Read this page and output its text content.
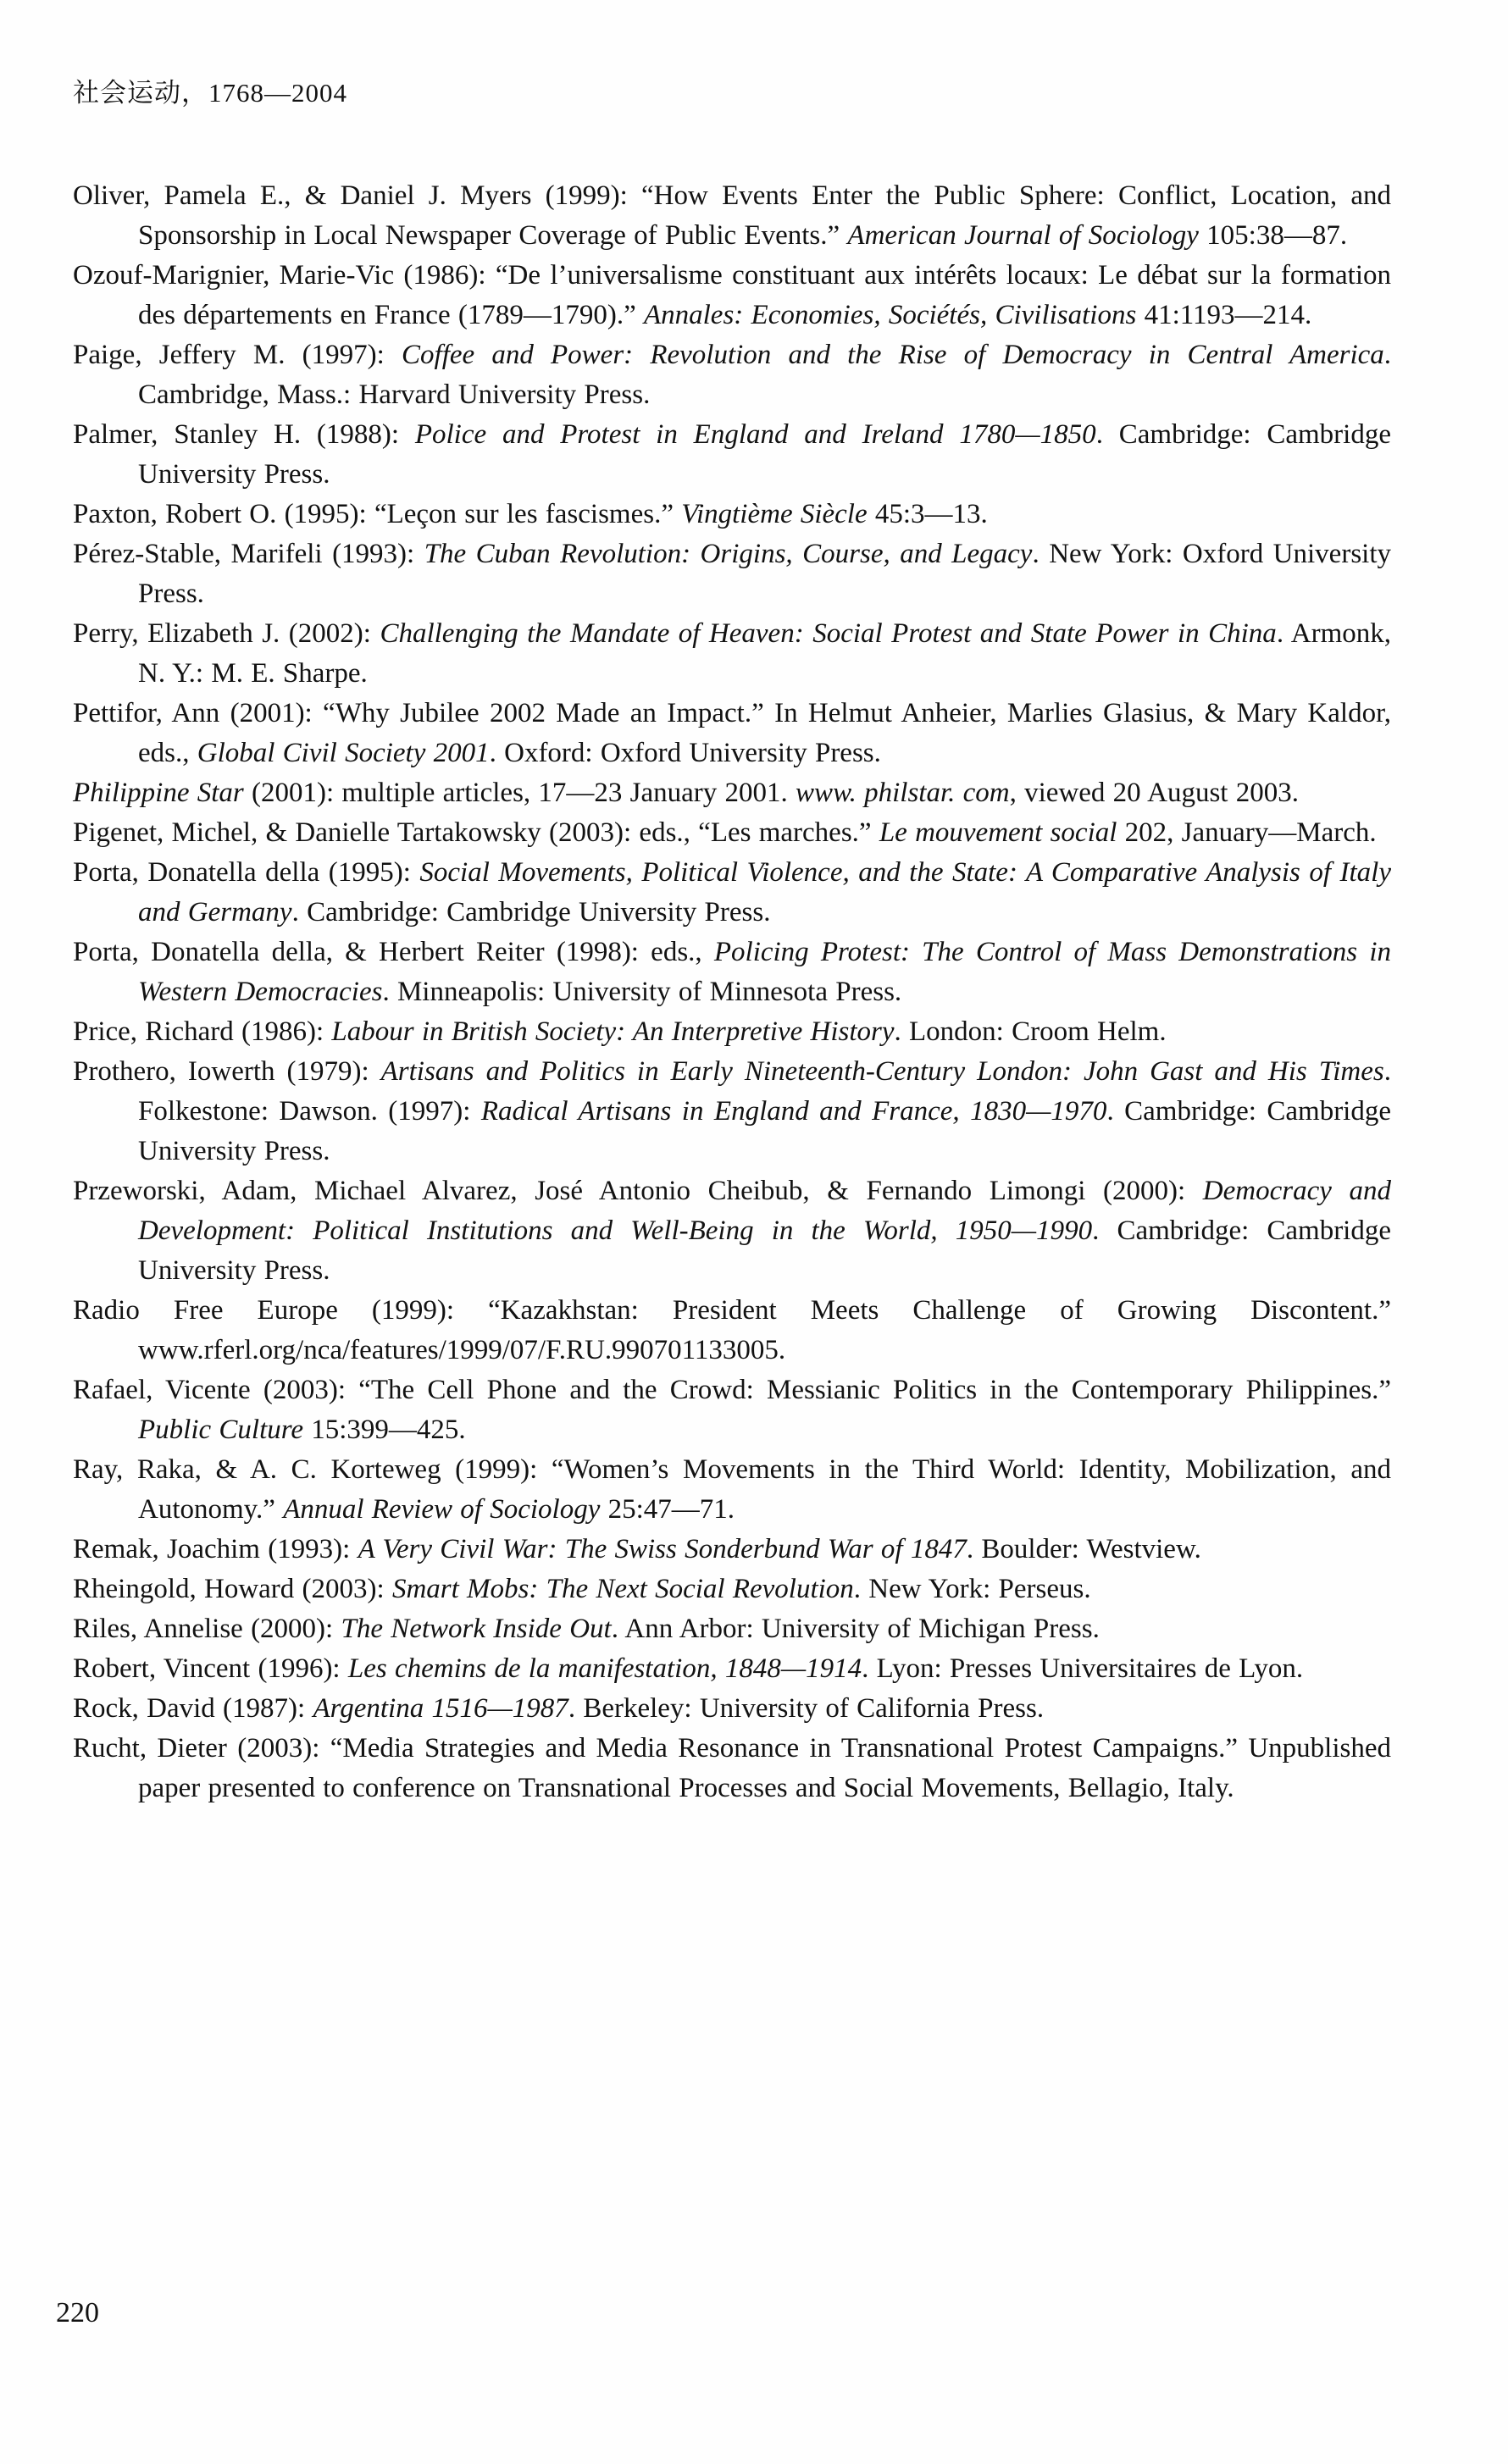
社会运动，1768—2004

Oliver, Pamela E., & Daniel J. Myers (1999): “How Events Enter the Public Sphere: Conflict, Location, and Sponsorship in Local Newspaper Coverage of Public Events.” American Journal of Sociology 105:38—87.

Ozouf-Marignier, Marie-Vic (1986): “De l’universalisme constituant aux intérêts locaux: Le débat sur la formation des départements en France (1789—1790).” Annales: Economies, Sociétés, Civilisations 41:1193—214.

Paige, Jeffery M. (1997): Coffee and Power: Revolution and the Rise of Democracy in Central America. Cambridge, Mass.: Harvard University Press.

Palmer, Stanley H. (1988): Police and Protest in England and Ireland 1780—1850. Cambridge: Cambridge University Press.

Paxton, Robert O. (1995): “Leçon sur les fascismes.” Vingtième Siècle 45:3—13.

Pérez-Stable, Marifeli (1993): The Cuban Revolution: Origins, Course, and Legacy. New York: Oxford University Press.

Perry, Elizabeth J. (2002): Challenging the Mandate of Heaven: Social Protest and State Power in China. Armonk, N. Y.: M. E. Sharpe.

Pettifor, Ann (2001): “Why Jubilee 2002 Made an Impact.” In Helmut Anheier, Marlies Glasius, & Mary Kaldor, eds., Global Civil Society 2001. Oxford: Oxford University Press.

Philippine Star (2001): multiple articles, 17—23 January 2001. www. philstar. com, viewed 20 August 2003.

Pigenet, Michel, & Danielle Tartakowsky (2003): eds., “Les marches.” Le mouvement social 202, January—March.

Porta, Donatella della (1995): Social Movements, Political Violence, and the State: A Comparative Analysis of Italy and Germany. Cambridge: Cambridge University Press.

Porta, Donatella della, & Herbert Reiter (1998): eds., Policing Protest: The Control of Mass Demonstrations in Western Democracies. Minneapolis: University of Minnesota Press.

Price, Richard (1986): Labour in British Society: An Interpretive History. London: Croom Helm.

Prothero, Iowerth (1979): Artisans and Politics in Early Nineteenth-Century London: John Gast and His Times. Folkestone: Dawson. (1997): Radical Artisans in England and France, 1830—1970. Cambridge: Cambridge University Press.

Przeworski, Adam, Michael Alvarez, José Antonio Cheibub, & Fernando Limongi (2000): Democracy and Development: Political Institutions and Well-Being in the World, 1950—1990. Cambridge: Cambridge University Press.

Radio Free Europe (1999): “Kazakhstan: President Meets Challenge of Growing Discontent.” www.rferl.org/nca/features/1999/07/F.RU.990701133005.

Rafael, Vicente (2003): “The Cell Phone and the Crowd: Messianic Politics in the Contemporary Philippines.” Public Culture 15:399—425.

Ray, Raka, & A. C. Korteweg (1999): “Women’s Movements in the Third World: Identity, Mobilization, and Autonomy.” Annual Review of Sociology 25:47—71.

Remak, Joachim (1993): A Very Civil War: The Swiss Sonderbund War of 1847. Boulder: Westview.

Rheingold, Howard (2003): Smart Mobs: The Next Social Revolution. New York: Perseus.

Riles, Annelise (2000): The Network Inside Out. Ann Arbor: University of Michigan Press.

Robert, Vincent (1996): Les chemins de la manifestation, 1848—1914. Lyon: Presses Universitaires de Lyon.

Rock, David (1987): Argentina 1516—1987. Berkeley: University of California Press.

Rucht, Dieter (2003): “Media Strategies and Media Resonance in Transnational Protest Campaigns.” Unpublished paper presented to conference on Transnational Processes and Social Movements, Bellagio, Italy.

220
